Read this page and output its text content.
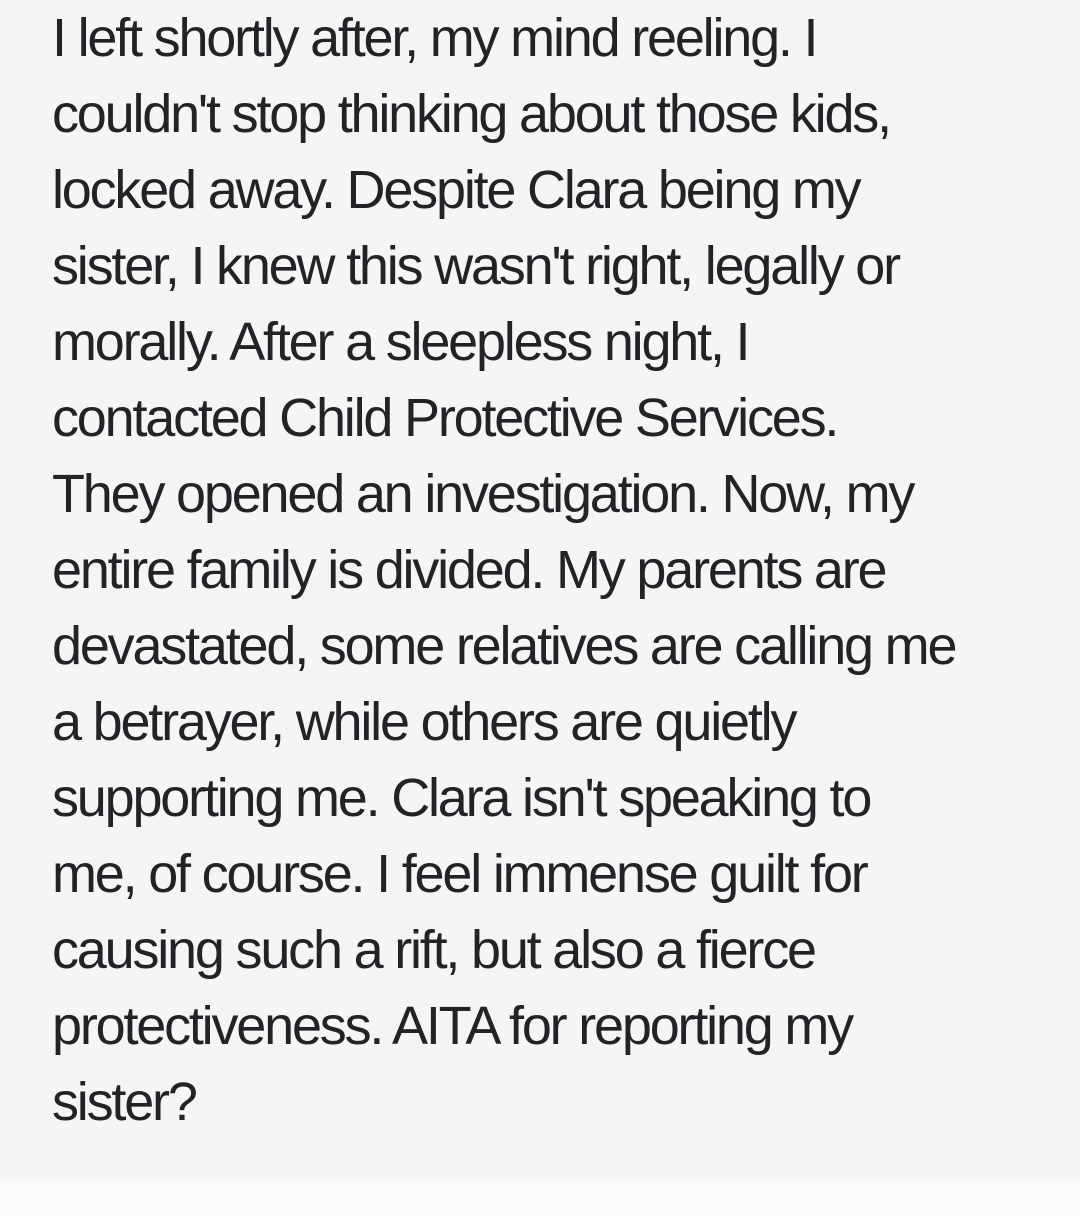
I left shortly after, my mind reeling. I
couldn't stop thinking about those kids,
locked away. Despite Clara being my
sister, I knew this wasn't right, legally or
morally. After a sleepless night, I
contacted Child Protective Services.
They opened an investigation. Now, my
entire family is divided. My parents are
devastated, some relatives are calling me
a betrayer, while others are quietly
supporting me. Clara isn't speaking to
me, of course. I feel immense guilt for
causing such a rift, but also a fierce
protectiveness. AITA for reporting my
sister?
